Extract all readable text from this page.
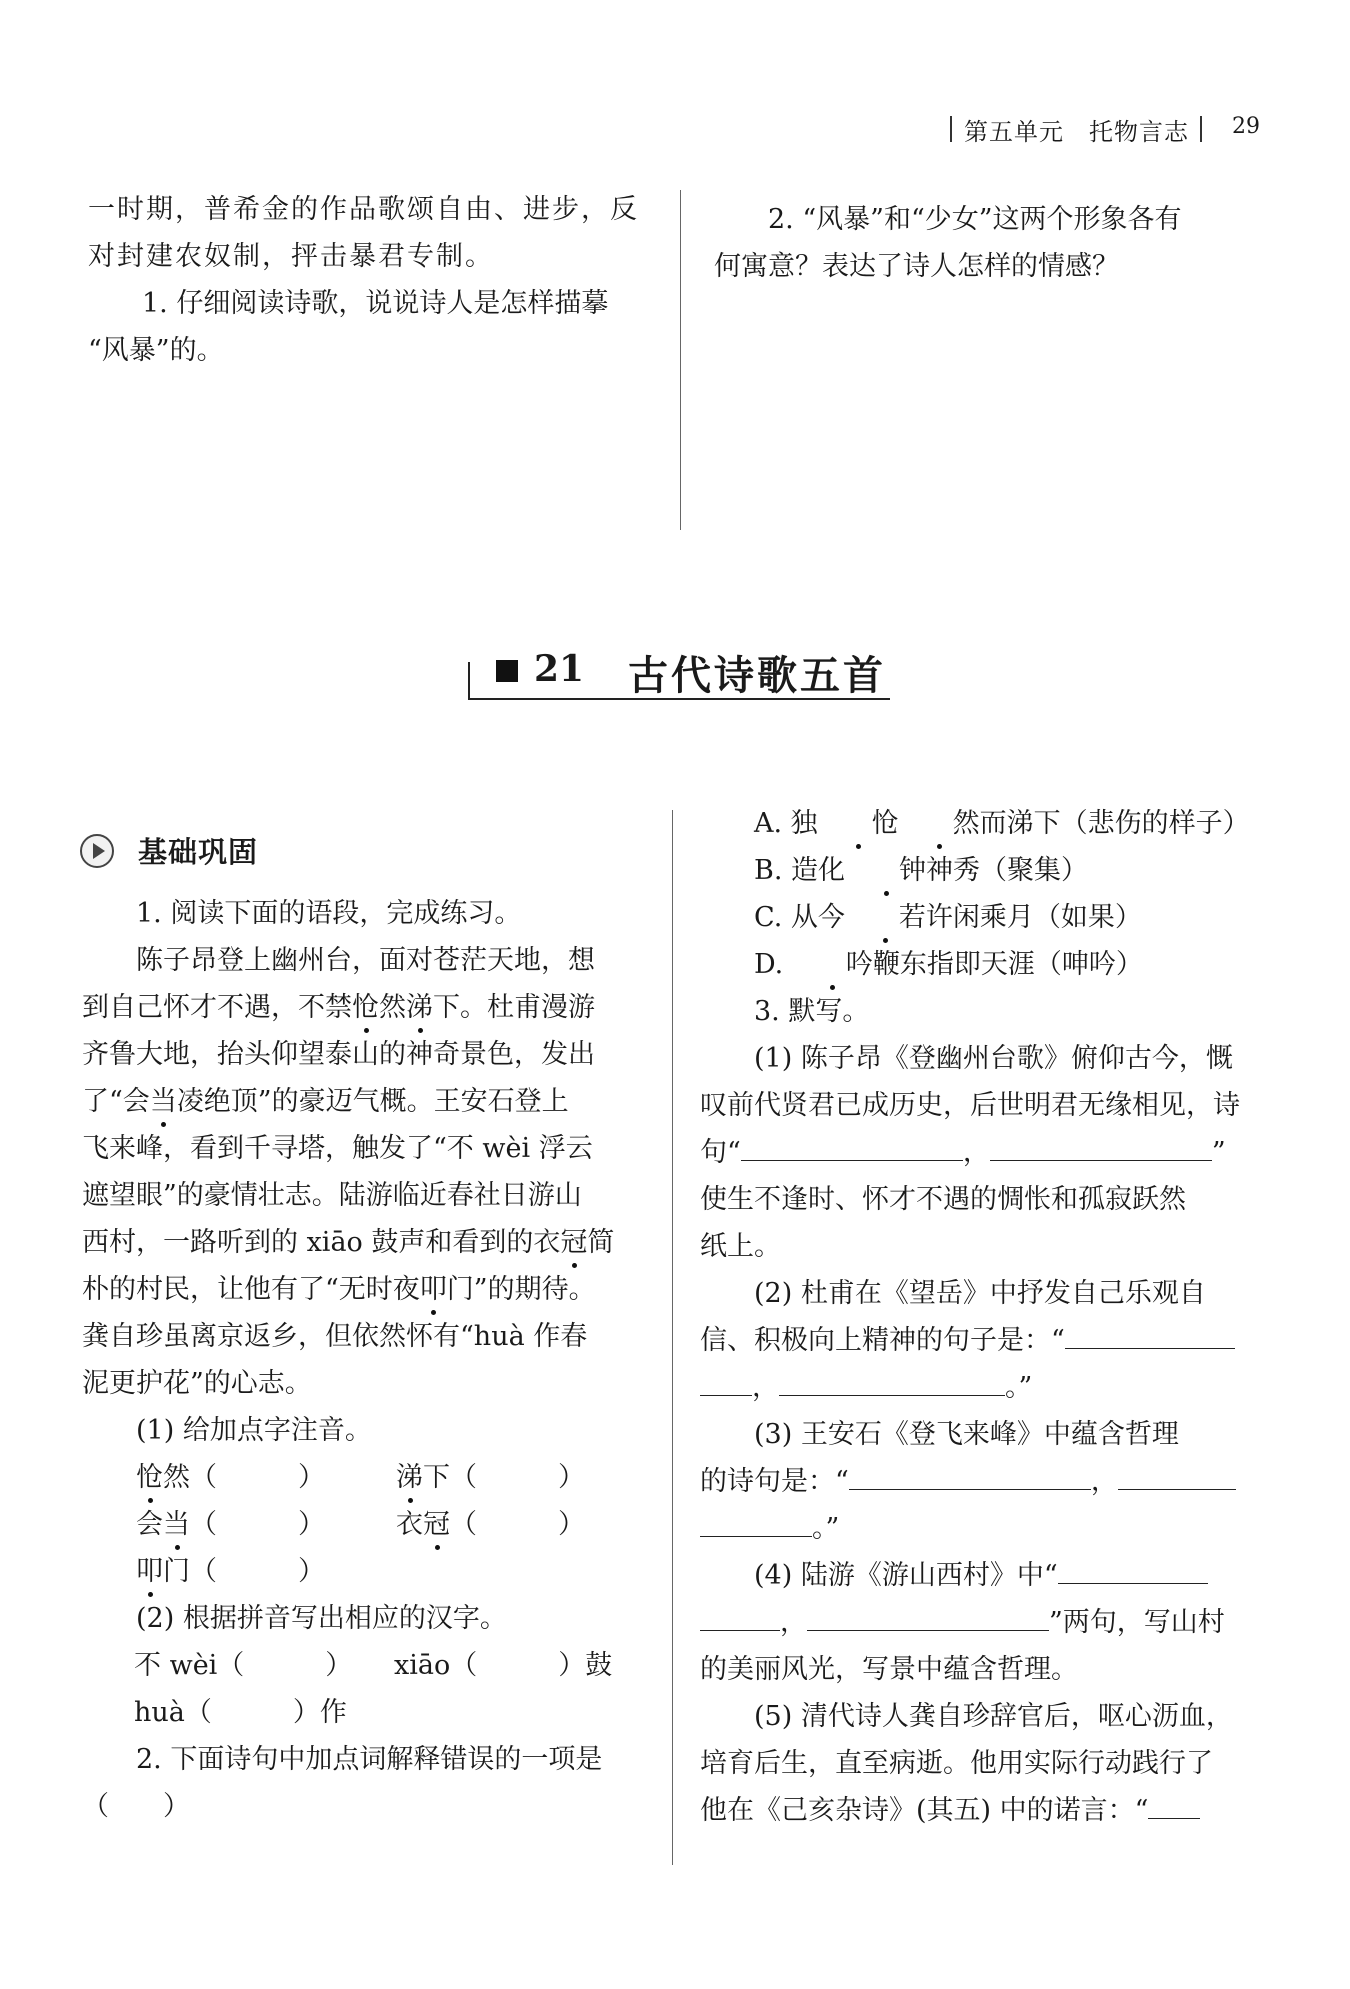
第五单元　托物言志 29

一时期，普希金的作品歌颂自由、进步，反

对封建农奴制，抨击暴君专制。

1. 仔细阅读诗歌，说说诗人是怎样描摹

“风暴”的。

2. “风暴”和“少女”这两个形象各有

何寓意？表达了诗人怎样的情感？

21 古代诗歌五首
基础巩固

1. 阅读下面的语段，完成练习。

陈子昂登上幽州台，面对苍茫天地，想

到自己怀才不遇，不禁怆然涕下。杜甫漫游

齐鲁大地，抬头仰望泰山的神奇景色，发出

了“会当凌绝顶”的豪迈气概。王安石登上

飞来峰，看到千寻塔，触发了“不 wèi 浮云

遮望眼”的豪情壮志。陆游临近春社日游山

西村，一路听到的 xiāo 鼓声和看到的衣冠简

朴的村民，让他有了“无时夜叩门”的期待。

龚自珍虽离京返乡，但依然怀有“huà 作春

泥更护花”的心志。

(1) 给加点字注音。

怆然（　　　）	涕下（　　　）

会当（　　　）	衣冠（　　　）

叩门（　　　）

(2) 根据拼音写出相应的汉字。

不 wèi（　　　） xiāo（　　　）鼓

huà（　　　）作

2. 下面诗句中加点词解释错误的一项是

（　　）

A. 独 怆 然而涕下（悲伤的样子）

B. 造化 钟神秀（聚集）

C. 从今 若许闲乘月（如果）

D. 吟鞭东指即天涯（呻吟）

3. 默写。

(1) 陈子昂《登幽州台歌》俯仰古今，慨

叹前代贤君已成历史，后世明君无缘相见，诗

句“	，	”

使生不逢时、怀才不遇的惆怅和孤寂跃然

纸上。

(2) 杜甫在《望岳》中抒发自己乐观自

信、积极向上精神的句子是：“

，	。”

(3) 王安石《登飞来峰》中蕴含哲理

的诗句是：“	，

。”

(4) 陆游《游山西村》中“

，	”两句，写山村

的美丽风光，写景中蕴含哲理。

(5) 清代诗人龚自珍辞官后，呕心沥血，

培育后生，直至病逝。他用实际行动践行了

他在《己亥杂诗》(其五) 中的诺言：“
